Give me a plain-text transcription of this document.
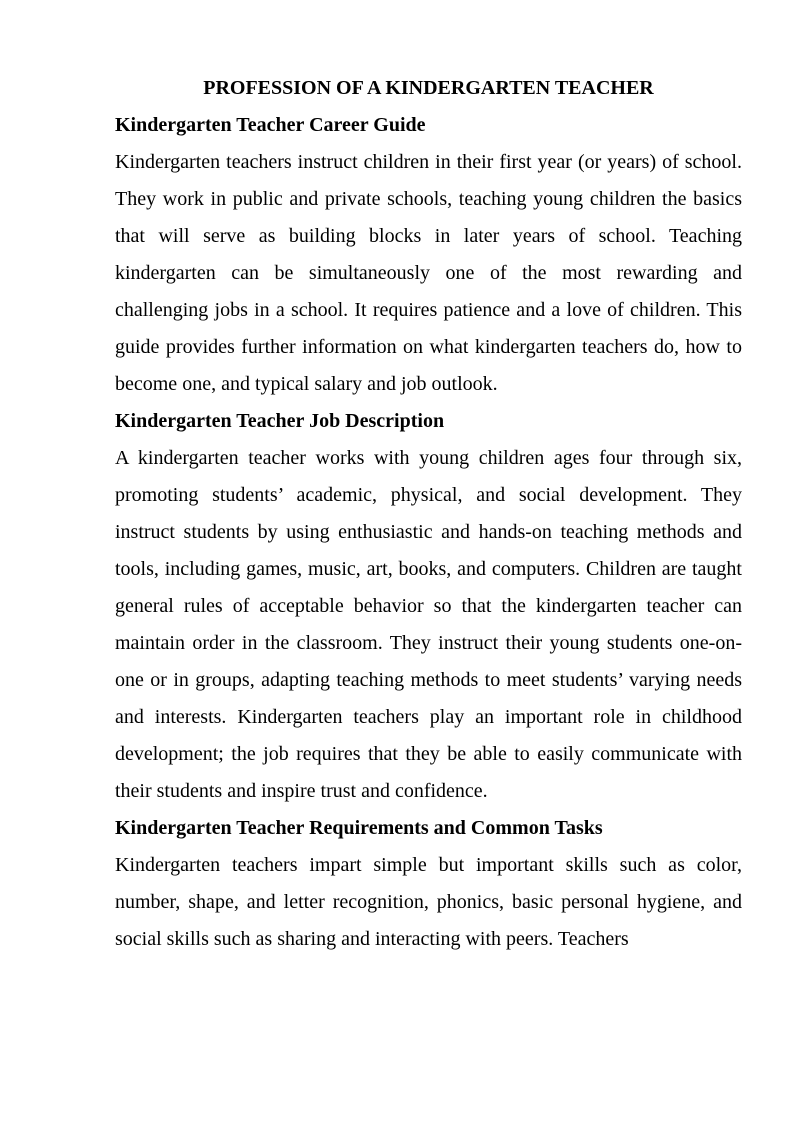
PROFESSION OF A KINDERGARTEN TEACHER
Kindergarten Teacher Career Guide

Kindergarten teachers instruct children in their first year (or years) of school. They work in public and private schools, teaching young children the basics that will serve as building blocks in later years of school. Teaching kindergarten can be simultaneously one of the most rewarding and challenging jobs in a school. It requires patience and a love of children. This guide provides further information on what kindergarten teachers do, how to become one, and typical salary and job outlook.

Kindergarten Teacher Job Description

A kindergarten teacher works with young children ages four through six, promoting students’ academic, physical, and social development. They instruct students by using enthusiastic and hands-on teaching methods and tools, including games, music, art, books, and computers. Children are taught general rules of acceptable behavior so that the kindergarten teacher can maintain order in the classroom. They instruct their young students one-on-one or in groups, adapting teaching methods to meet students’ varying needs and interests. Kindergarten teachers play an important role in childhood development; the job requires that they be able to easily communicate with their students and inspire trust and confidence.

Kindergarten Teacher Requirements and Common Tasks

Kindergarten teachers impart simple but important skills such as color, number, shape, and letter recognition, phonics, basic personal hygiene, and social skills such as sharing and interacting with peers. Teachers
